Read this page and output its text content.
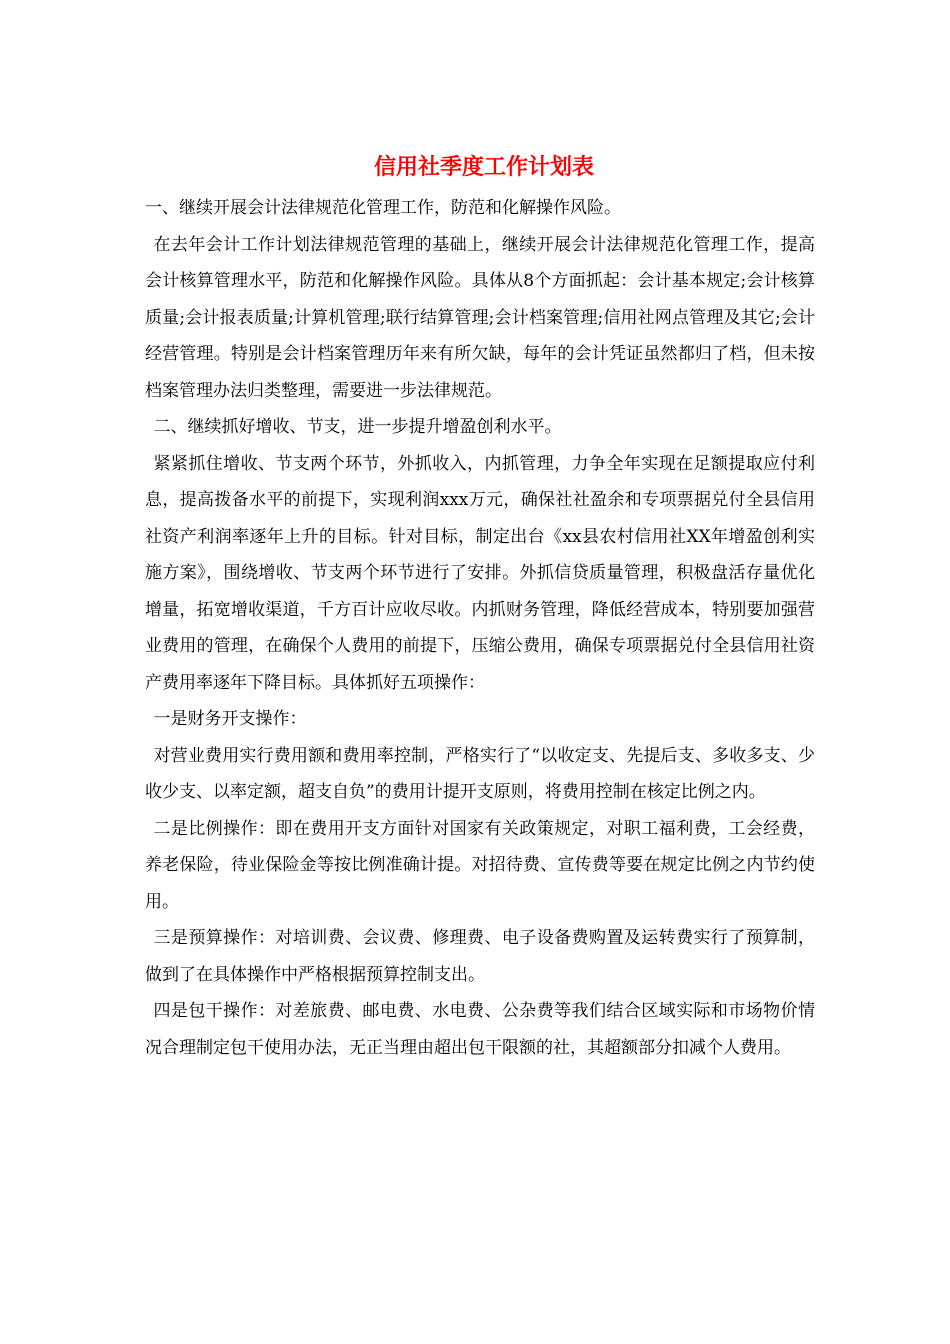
信用社季度工作计划表

一、继续开展会计法律规范化管理工作，防范和化解操作风险。

在去年会计工作计划法律规范管理的基础上，继续开展会计法律规范化管理工作，提高会计核算管理水平，防范和化解操作风险。具体从8个方面抓起：会计基本规定;会计核算质量;会计报表质量;计算机管理;联行结算管理;会计档案管理;信用社网点管理及其它;会计经营管理。特别是会计档案管理历年来有所欠缺，每年的会计凭证虽然都归了档，但未按档案管理办法归类整理，需要进一步法律规范。

二、继续抓好增收、节支，进一步提升增盈创利水平。

紧紧抓住增收、节支两个环节，外抓收入，内抓管理，力争全年实现在足额提取应付利息，提高拨备水平的前提下，实现利润xxx万元，确保社社盈余和专项票据兑付全县信用社资产利润率逐年上升的目标。针对目标，制定出台《xx县农村信用社XX年增盈创利实施方案》，围绕增收、节支两个环节进行了安排。外抓信贷质量管理，积极盘活存量优化增量，拓宽增收渠道，千方百计应收尽收。内抓财务管理，降低经营成本，特别要加强营业费用的管理，在确保个人费用的前提下，压缩公费用，确保专项票据兑付全县信用社资产费用率逐年下降目标。具体抓好五项操作：

一是财务开支操作：

对营业费用实行费用额和费用率控制，严格实行了“以收定支、先提后支、多收多支、少收少支、以率定额，超支自负”的费用计提开支原则，将费用控制在核定比例之内。

二是比例操作：即在费用开支方面针对国家有关政策规定，对职工福利费，工会经费，养老保险，待业保险金等按比例准确计提。对招待费、宣传费等要在规定比例之内节约使用。

三是预算操作：对培训费、会议费、修理费、电子设备费购置及运转费实行了预算制，做到了在具体操作中严格根据预算控制支出。

四是包干操作：对差旅费、邮电费、水电费、公杂费等我们结合区域实际和市场物价情况合理制定包干使用办法，无正当理由超出包干限额的社，其超额部分扣减个人费用。
